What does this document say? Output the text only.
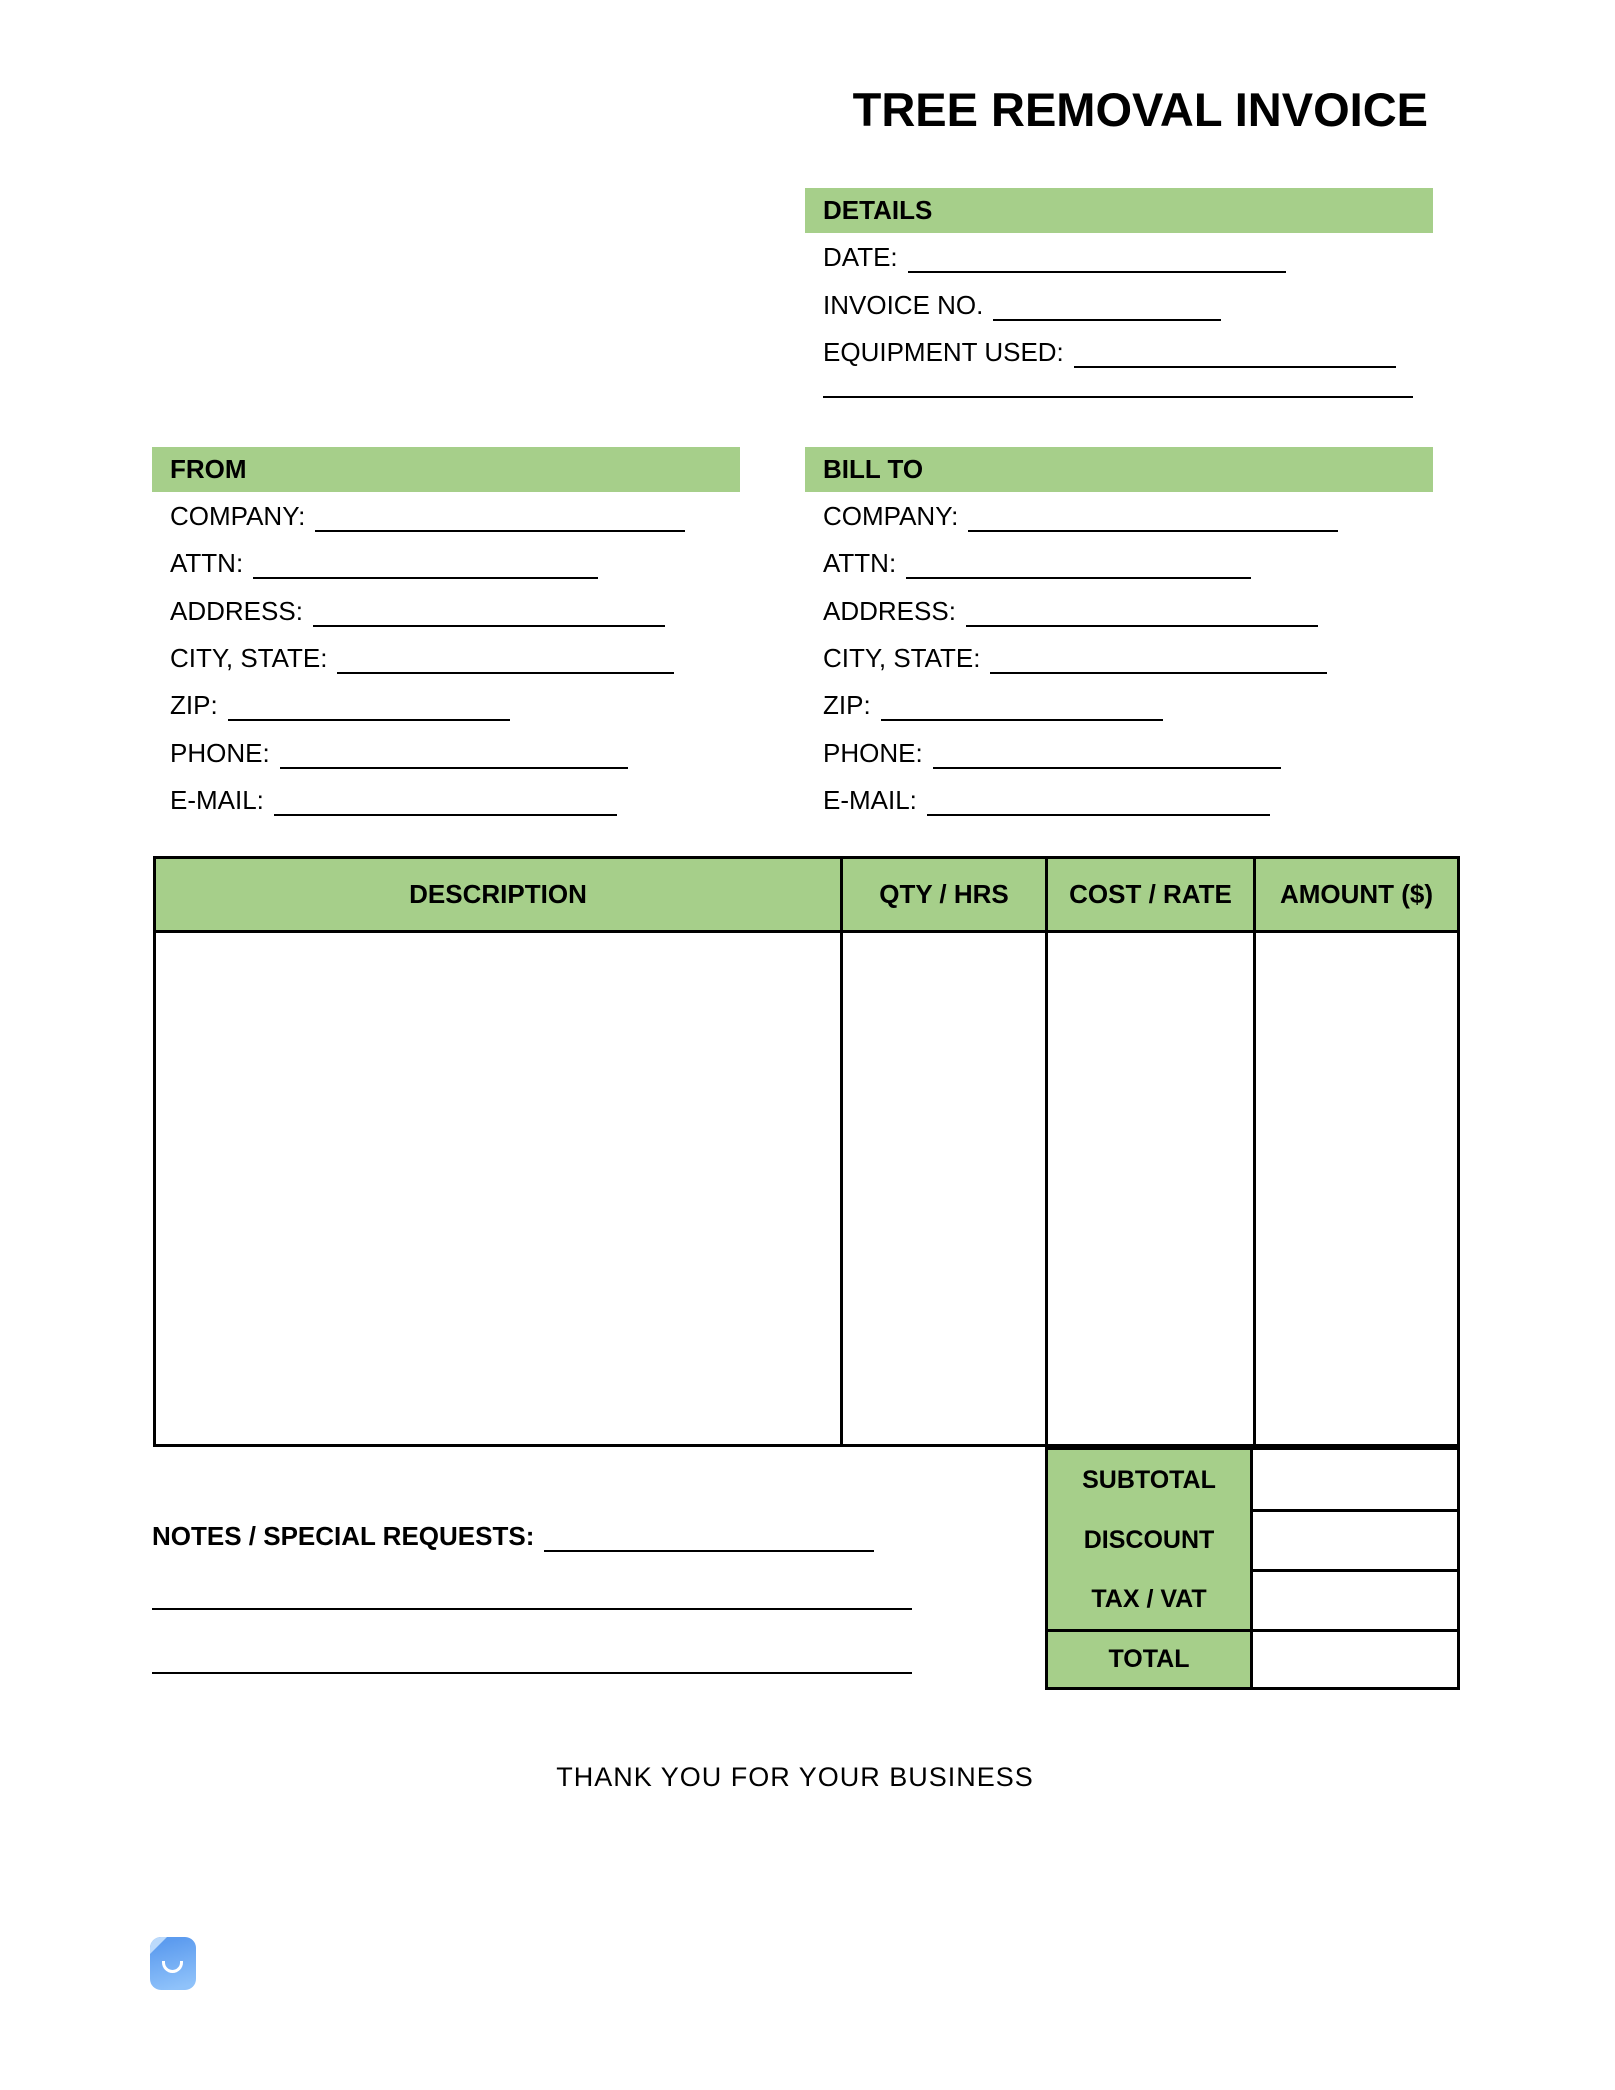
TREE REMOVAL INVOICE
DETAILS
DATE:
INVOICE NO.
EQUIPMENT USED:
FROM
COMPANY:
ATTN:
ADDRESS:
CITY, STATE:
ZIP:
PHONE:
E-MAIL:
BILL TO
COMPANY:
ATTN:
ADDRESS:
CITY, STATE:
ZIP:
PHONE:
E-MAIL:
DESCRIPTION	QTY / HRS	COST / RATE	AMOUNT ($)

SUBTOTAL
DISCOUNT
TAX / VAT
TOTAL
NOTES / SPECIAL REQUESTS:
THANK YOU FOR YOUR BUSINESS
